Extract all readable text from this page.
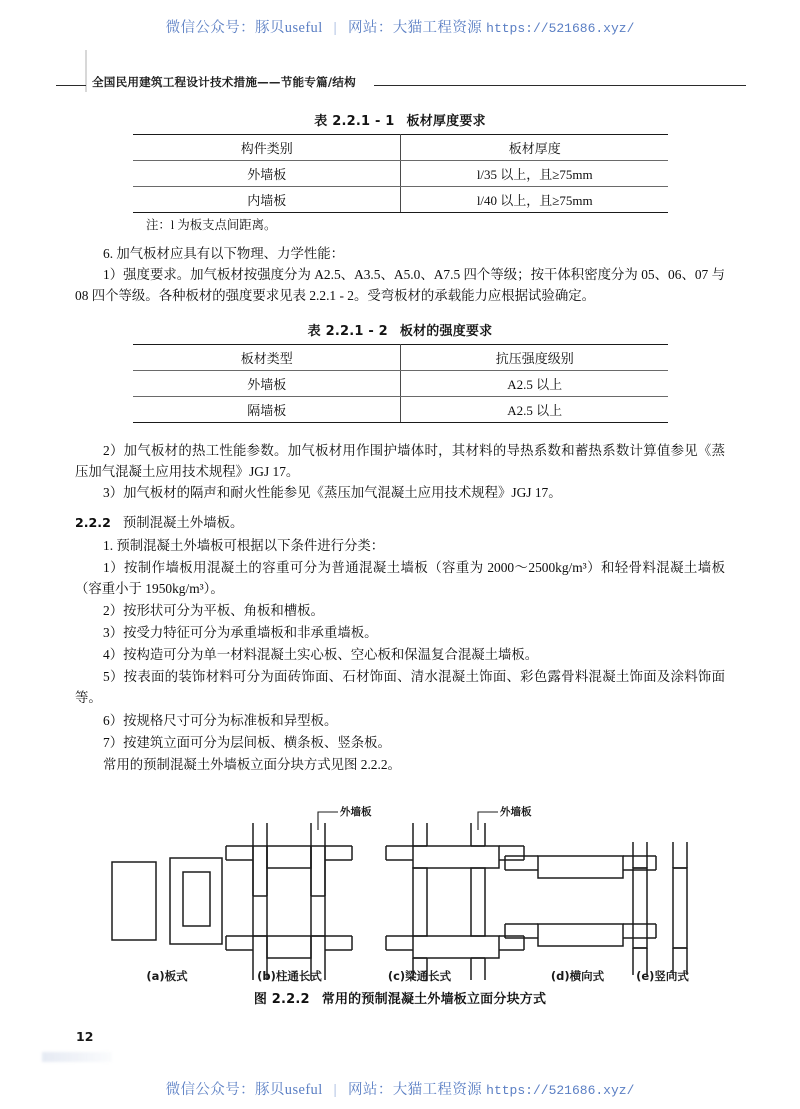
微信公众号：豚贝useful | 网站：大猫工程资源 https://521686.xyz/
全国民用建筑工程设计技术措施——节能专篇/结构
表 2.2.1 - 1 板材厚度要求
构件类别	板材厚度
外墙板	l/35 以上，且≥75mm
内墙板	l/40 以上，且≥75mm
注：l 为板支点间距离。
6. 加气板材应具有以下物理、力学性能：
1）强度要求。加气板材按强度分为 A2.5、A3.5、A5.0、A7.5 四个等级；按干体积密度分为 05、06、07 与 08 四个等级。各种板材的强度要求见表 2.2.1 - 2。受弯板材的承载能力应根据试验确定。
表 2.2.1 - 2 板材的强度要求
板材类型	抗压强度级别
外墙板	A2.5 以上
隔墙板	A2.5 以上
2）加气板材的热工性能参数。加气板材用作围护墙体时，其材料的导热系数和蓄热系数计算值参见《蒸压加气混凝土应用技术规程》JGJ 17。
3）加气板材的隔声和耐火性能参见《蒸压加气混凝土应用技术规程》JGJ 17。
2.2.2 预制混凝土外墙板。
1. 预制混凝土外墙板可根据以下条件进行分类：
1）按制作墙板用混凝土的容重可分为普通混凝土墙板（容重为 2000～2500kg/m³）和轻骨料混凝土墙板（容重小于 1950kg/m³）。
2）按形状可分为平板、角板和槽板。
3）按受力特征可分为承重墙板和非承重墙板。
4）按构造可分为单一材料混凝土实心板、空心板和保温复合混凝土墙板。
5）按表面的装饰材料可分为面砖饰面、石材饰面、清水混凝土饰面、彩色露骨料混凝土饰面及涂料饰面等。
6）按规格尺寸可分为标准板和异型板。
7）按建筑立面可分为层间板、横条板、竖条板。
常用的预制混凝土外墙板立面分块方式见图 2.2.2。
外墙板	外墙板
(a)板式	(b)柱通长式	(c)梁通长式	(d)横向式	(e)竖向式
图 2.2.2 常用的预制混凝土外墙板立面分块方式
12
微信公众号：豚贝useful | 网站：大猫工程资源 https://521686.xyz/
